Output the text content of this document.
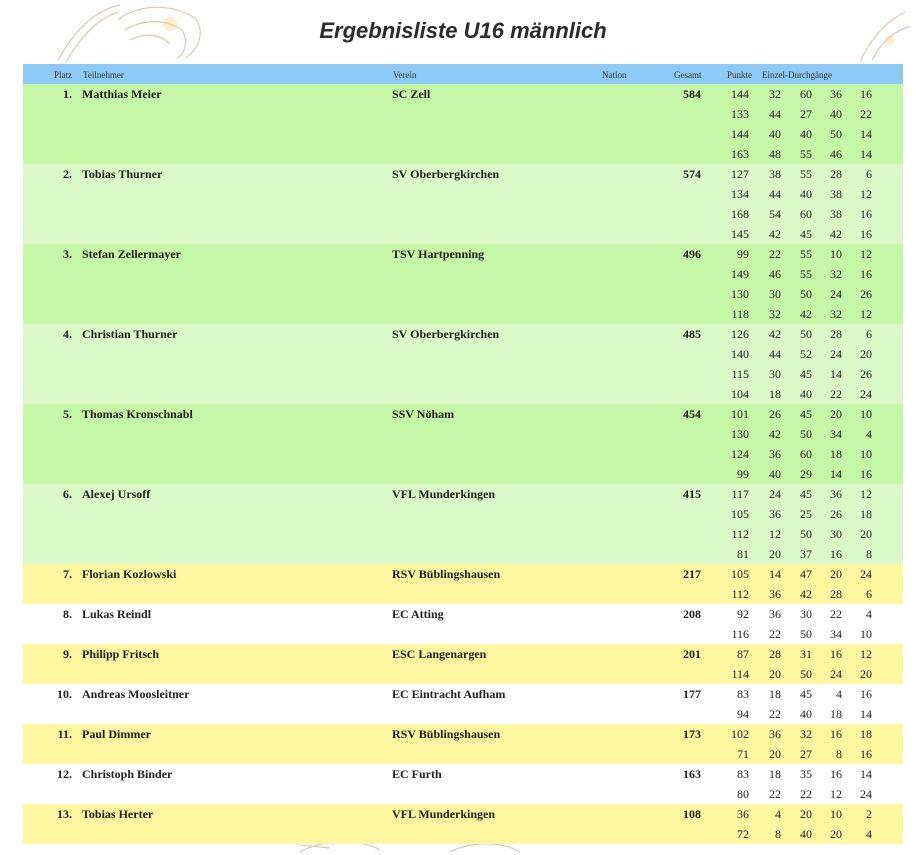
Ergebnisliste U16 männlich
Platz Teilnehmer	Verein	Nation	Gesamt	Punkte Einzel-Durchgänge
1. Matthias Meier	SC Zell	584	144 32 60 36 16
133 44 27 40 22
144 40 40 50 14
163 48 55 46 14
2. Tobias Thurner	SV Oberbergkirchen	574	127 38 55 28 6
134 44 40 38 12
168 54 60 38 16
145 42 45 42 16
3. Stefan Zellermayer	TSV Hartpenning	496	99 22 55 10 12
149 46 55 32 16
130 30 50 24 26
118 32 42 32 12
4. Christian Thurner	SV Oberbergkirchen	485	126 42 50 28 6
140 44 52 24 20
115 30 45 14 26
104 18 40 22 24
5. Thomas Kronschnabl	SSV Nöham	454	101 26 45 20 10
130 42 50 34 4
124 36 60 18 10
99 40 29 14 16
6. Alexej Ursoff	VFL Munderkingen	415	117 24 45 36 12
105 36 25 26 18
112 12 50 30 20
81 20 37 16 8
7. Florian Kozlowski	RSV Büblingshausen	217	105 14 47 20 24
112 36 42 28 6
8. Lukas Reindl	EC Atting	208	92 36 30 22 4
116 22 50 34 10
9. Philipp Fritsch	ESC Langenargen	201	87 28 31 16 12
114 20 50 24 20
10. Andreas Moosleitner	EC Eintracht Aufham	177	83 18 45 4 16
94 22 40 18 14
11. Paul Dimmer	RSV Büblingshausen	173	102 36 32 16 18
71 20 27 8 16
12. Christoph Binder	EC Furth	163	83 18 35 16 14
80 22 22 12 24
13. Tobias Herter	VFL Munderkingen	108	36 4 20 10 2
72 8 40 20 4
